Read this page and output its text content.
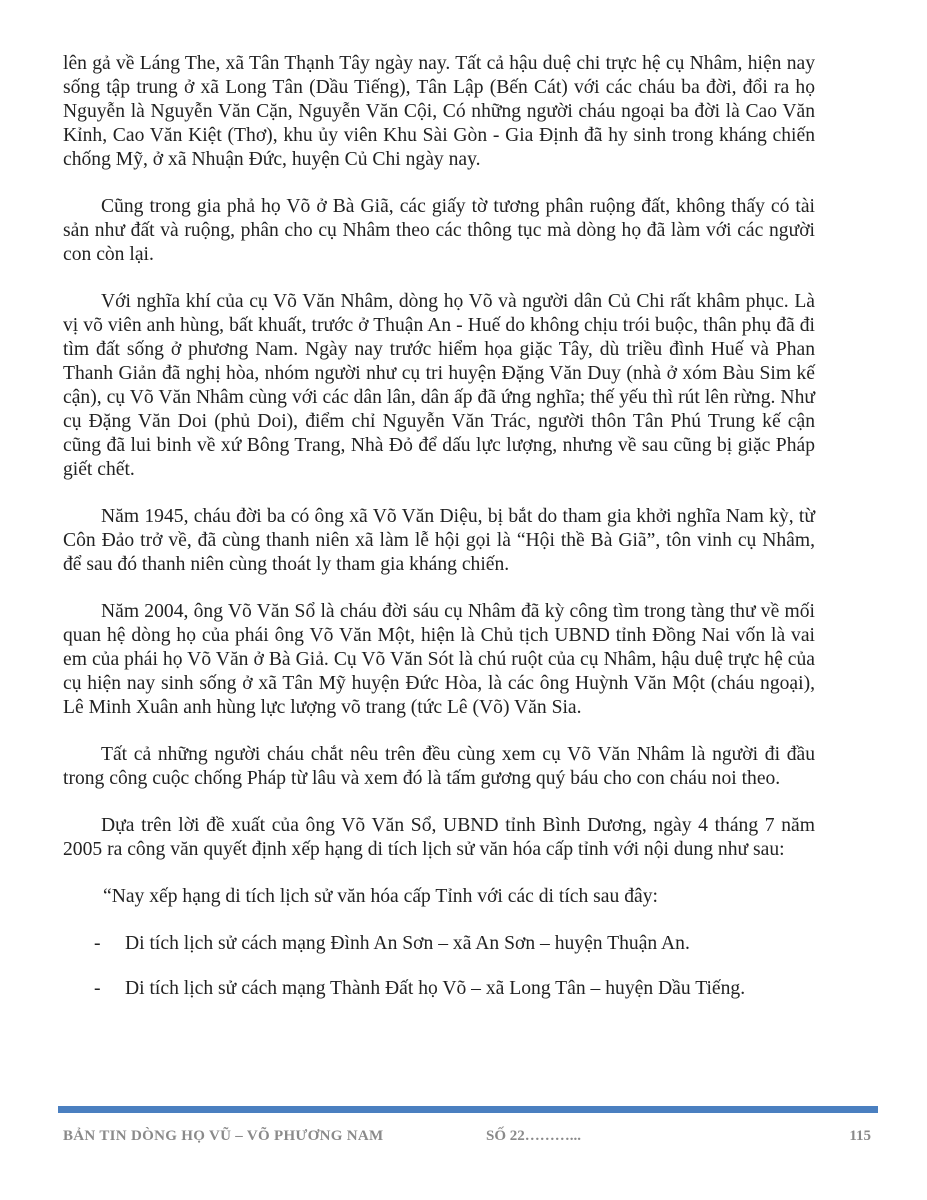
lên gả về Láng The, xã Tân Thạnh Tây ngày nay. Tất cả hậu duệ chi trực hệ cụ Nhâm, hiện nay sống tập trung ở xã Long Tân (Dầu Tiếng), Tân Lập (Bến Cát) với các cháu ba đời, đổi ra họ Nguyễn là Nguyễn Văn Cặn, Nguyễn Văn Cội, Có những người cháu ngoại ba đời là Cao Văn Kỉnh, Cao Văn Kiệt (Thơ), khu ủy viên Khu Sài Gòn - Gia Định đã hy sinh trong kháng chiến chống Mỹ, ở xã Nhuận Đức, huyện Củ Chi ngày nay.

Cũng trong gia phả họ Võ ở Bà Giã, các giấy tờ tương phân ruộng đất, không thấy có tài sản như đất và ruộng, phân cho cụ Nhâm theo các thông tục mà dòng họ đã làm với các người con còn lại.

Với nghĩa khí của cụ Võ Văn Nhâm, dòng họ Võ và người dân Củ Chi rất khâm phục. Là vị võ viên anh hùng, bất khuất, trước ở Thuận An - Huế do không chịu trói buộc, thân phụ đã đi tìm đất sống ở phương Nam. Ngày nay trước hiểm họa giặc Tây, dù triều đình Huế và Phan Thanh Giản đã nghị hòa, nhóm người như cụ tri huyện Đặng Văn Duy (nhà ở xóm Bàu Sim kế cận), cụ Võ Văn Nhâm cùng với các dân lân, dân ấp đã ứng nghĩa; thế yếu thì rút lên rừng. Như cụ Đặng Văn Doi (phủ Doi), điểm chỉ Nguyễn Văn Trác, người thôn Tân Phú Trung kế cận cũng đã lui binh về xứ Bông Trang, Nhà Đỏ để dấu lực lượng, nhưng về sau cũng bị giặc Pháp giết chết.

Năm 1945, cháu đời ba có ông xã Võ Văn Diệu, bị bắt do tham gia khởi nghĩa Nam kỳ, từ Côn Đảo trở về, đã cùng thanh niên xã làm lễ hội gọi là “Hội thề Bà Giã”, tôn vinh cụ Nhâm, để sau đó thanh niên cùng thoát ly tham gia kháng chiến.

Năm 2004, ông Võ Văn Sổ là cháu đời sáu cụ Nhâm đã kỳ công tìm trong tàng thư về mối quan hệ dòng họ của phái ông Võ Văn Một, hiện là Chủ tịch UBND tỉnh Đồng Nai vốn là vai em của phái họ Võ Văn ở Bà Giả. Cụ Võ Văn Sót là chú ruột của cụ Nhâm, hậu duệ trực hệ của cụ hiện nay sinh sống ở xã Tân Mỹ huyện Đức Hòa, là các ông Huỳnh Văn Một (cháu ngoại), Lê Minh Xuân anh hùng lực lượng võ trang (tức Lê (Võ) Văn Sia.

Tất cả những người cháu chắt nêu trên đều cùng xem cụ Võ Văn Nhâm là người đi đầu trong công cuộc chống Pháp từ lâu và xem đó là tấm gương quý báu cho con cháu noi theo.

Dựa trên lời đề xuất của ông Võ Văn Sổ, UBND tỉnh Bình Dương, ngày 4 tháng 7 năm 2005 ra công văn quyết định xếp hạng di tích lịch sử văn hóa cấp tỉnh với nội dung như sau:

“Nay xếp hạng di tích lịch sử văn hóa cấp Tỉnh với các di tích sau đây:

-	Di tích lịch sử cách mạng Đình An Sơn – xã An Sơn – huyện Thuận An.
-	Di tích lịch sử cách mạng Thành Đất họ Võ – xã Long Tân – huyện Dầu Tiếng.
BẢN TIN DÒNG HỌ VŨ – VÕ PHƯƠNG NAM	SỐ 22………...	115
